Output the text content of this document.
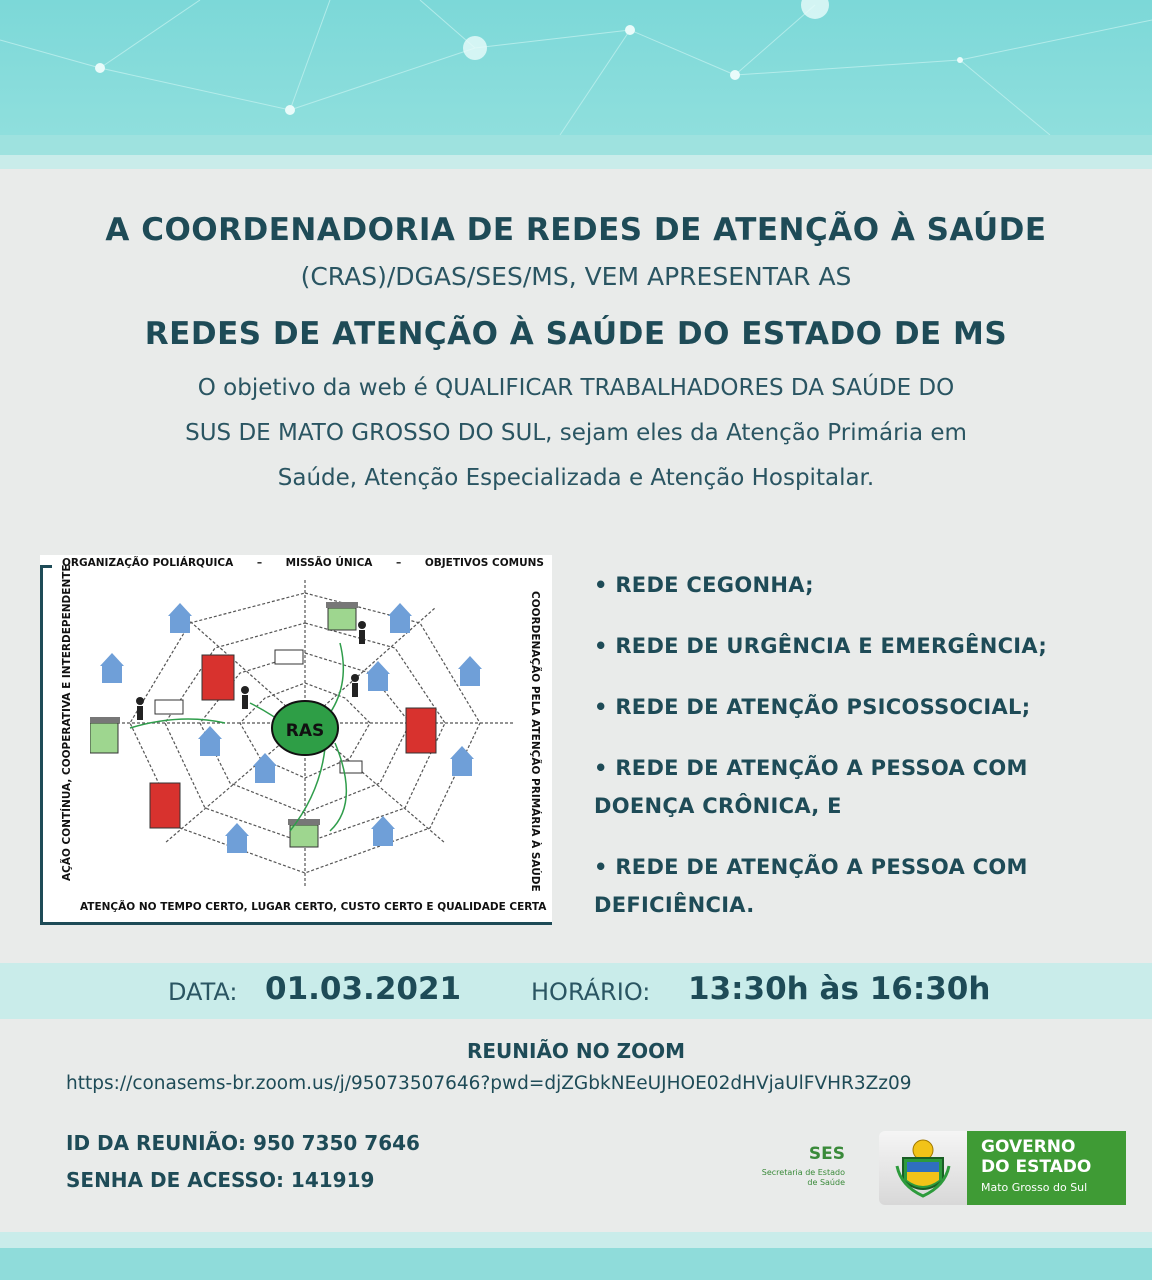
A COORDENADORIA DE REDES DE ATENÇÃO À SAÚDE
(CRAS)/DGAS/SES/MS, VEM APRESENTAR AS
REDES DE ATENÇÃO À SAÚDE DO ESTADO DE MS
O objetivo da web é QUALIFICAR TRABALHADORES DA SAÚDE DO
SUS DE MATO GROSSO DO SUL, sejam eles da Atenção Primária em
Saúde, Atenção Especializada e Atenção Hospitalar.
ORGANIZAÇÃO POLIÁRQUICA – MISSÃO ÚNICA – OBJETIVOS COMUNS
AÇÃO CONTÍNUA, COOPERATIVA E INTERDEPENDENTE	COORDENAÇÃO PELA ATENÇÃO PRIMÁRIA À SAÚDE
ATENÇÃO NO TEMPO CERTO, LUGAR CERTO, CUSTO CERTO E QUALIDADE CERTA
RAS
• REDE CEGONHA;
• REDE DE URGÊNCIA E EMERGÊNCIA;
• REDE DE ATENÇÃO PSICOSSOCIAL;
• REDE DE ATENÇÃO A PESSOA COM DOENÇA CRÔNICA, E
• REDE DE ATENÇÃO A PESSOA COM DEFICIÊNCIA.
DATA: 01.03.2021	HORÁRIO: 13:30h às 16:30h
REUNIÃO NO ZOOM
https://conasems-br.zoom.us/j/95073507646?pwd=djZGbkNEeUJHOE02dHVjaUlFVHR3Zz09
ID DA REUNIÃO: 950 7350 7646
SENHA DE ACESSO: 141919
SES
Secretaria de Estado
de Saúde
GOVERNO
DO ESTADO
Mato Grosso do Sul
